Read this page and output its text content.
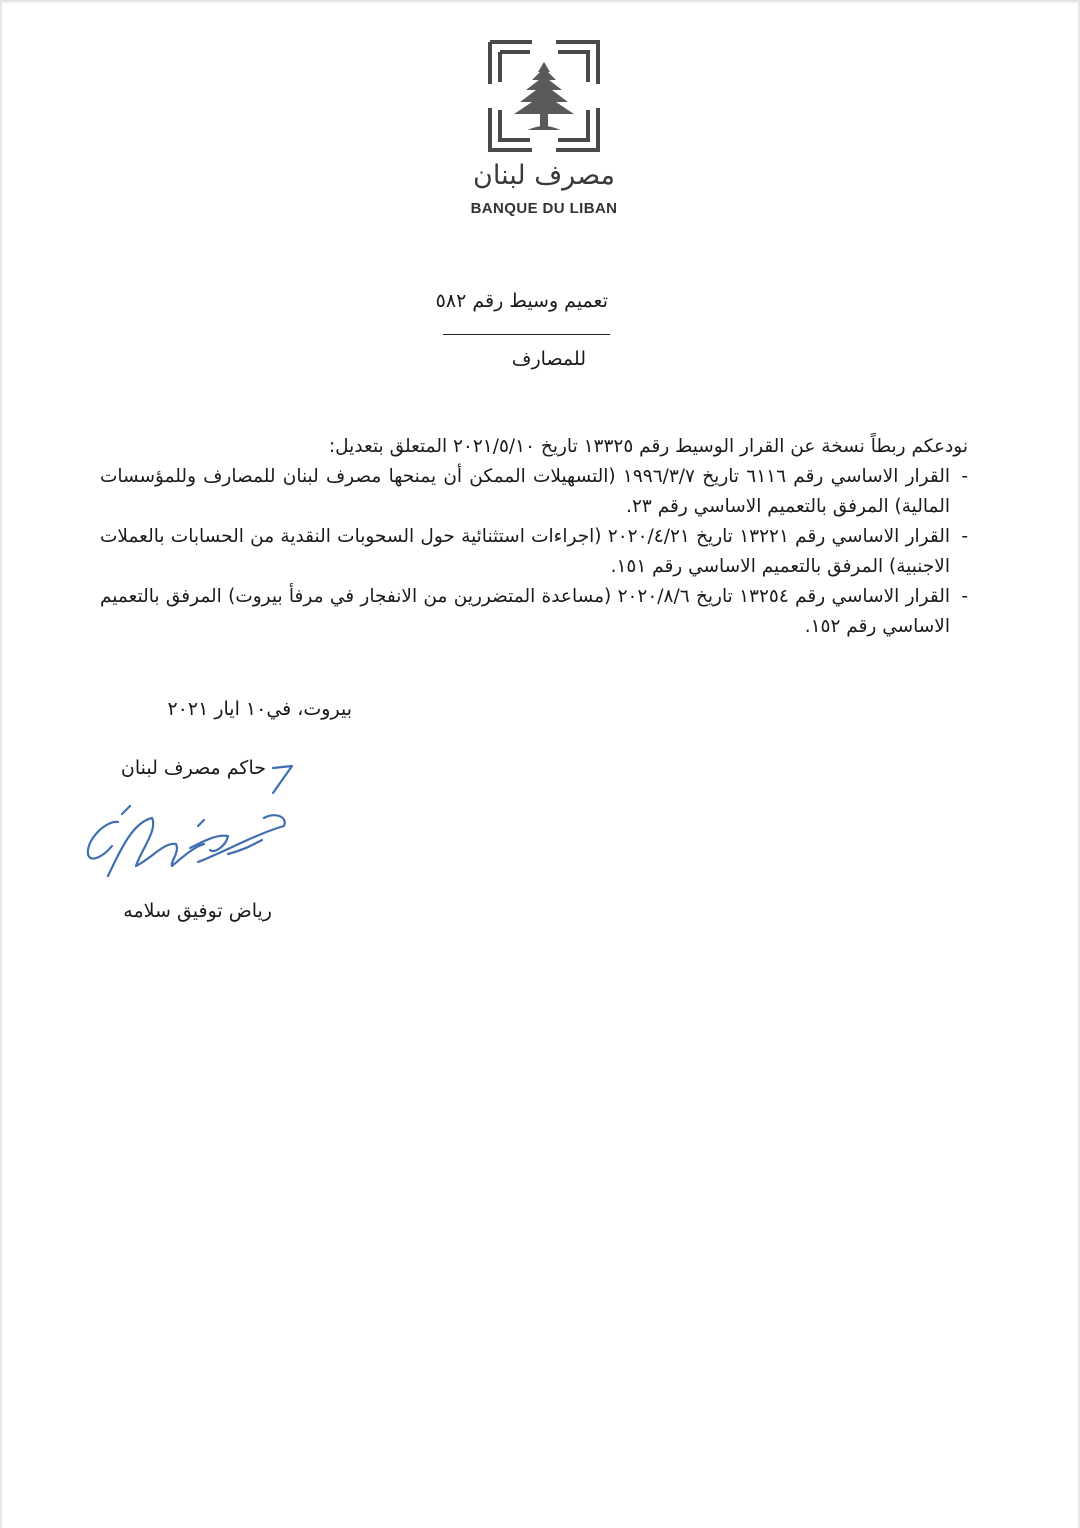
مصرف لبنان
BANQUE DU LIBAN
تعميم وسيط رقم ٥٨٢
للمصارف

نودعكم ربطاً نسخة عن القرار الوسيط رقم ١٣٣٢٥ تاريخ ٢٠٢١/٥/١٠ المتعلق بتعديل:

-
القرار الاساسي رقم ٦١١٦ تاريخ ١٩٩٦/٣/٧ (التسهيلات الممكن أن يمنحها مصرف لبنان للمصارف وللمؤسسات المالية) المرفق بالتعميم الاساسي رقم ٢٣.

-
القرار الاساسي رقم ١٣٢٢١ تاريخ ٢٠٢٠/٤/٢١ (اجراءات استثنائية حول السحوبات النقدية من الحسابات بالعملات الاجنبية) المرفق بالتعميم الاساسي رقم ١٥١.

-
القرار الاساسي رقم ١٣٢٥٤ تاريخ ٢٠٢٠/٨/٦ (مساعدة المتضررين من الانفجار في مرفأ بيروت) المرفق بالتعميم الاساسي رقم ١٥٢.

بيروت، في١٠ ايار ٢٠٢١
حاكم مصرف لبنان
رياض توفيق سلامه
